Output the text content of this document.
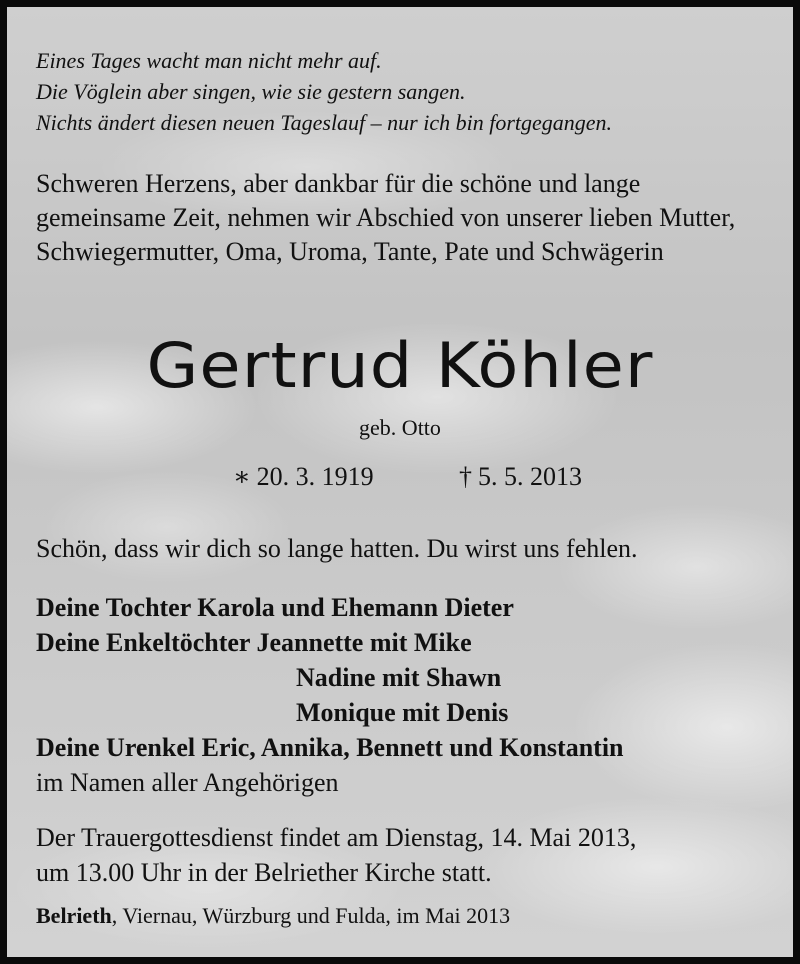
Eines Tages wacht man nicht mehr auf.
Die Vöglein aber singen, wie sie gestern sangen.
Nichts ändert diesen neuen Tageslauf – nur ich bin fortgegangen.
Schweren Herzens, aber dankbar für die schöne und lange gemeinsame Zeit, nehmen wir Abschied von unserer lieben Mutter, Schwiegermutter, Oma, Uroma, Tante, Pate und Schwägerin
Gertrud Köhler
geb. Otto
∗ 20. 3. 1919	† 5. 5. 2013
Schön, dass wir dich so lange hatten. Du wirst uns fehlen.
Deine Tochter Karola und Ehemann Dieter
Deine Enkeltöchter Jeannette mit Mike
Nadine mit Shawn
Monique mit Denis
Deine Urenkel Eric, Annika, Bennett und Konstantin
im Namen aller Angehörigen
Der Trauergottesdienst findet am Dienstag, 14. Mai 2013,
um 13.00 Uhr in der Belriether Kirche statt.
Belrieth, Viernau, Würzburg und Fulda, im Mai 2013
